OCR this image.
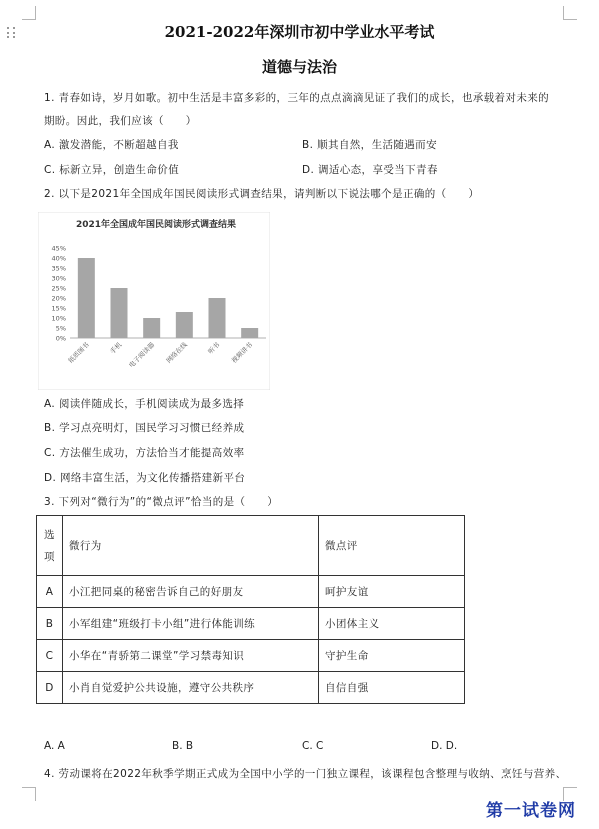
2021-2022年深圳市初中学业水平考试
道德与法治
1. 青春如诗，岁月如歌。初中生活是丰富多彩的，三年的点点滴滴见证了我们的成长，也承载着对未来的
期盼。因此，我们应该（　　）
A. 激发潜能，不断超越自我	B. 顺其自然，生活随遇而安
C. 标新立异，创造生命价值	D. 调适心态，享受当下青春
2. 以下是2021年全国成年国民阅读形式调查结果，请判断以下说法哪个是正确的（　　）
2021年全国成年国民阅读形式调查结果
0%
5%
10%
15%
20%
25%
30%
35%
40%
45%
纸质图书	手机 电子阅读器 网络在线	听书 视频讲书
A. 阅读伴随成长，手机阅读成为最多选择
B. 学习点亮明灯，国民学习习惯已经养成
C. 方法催生成功，方法恰当才能提高效率
D. 网络丰富生活，为文化传播搭建新平台
3. 下列对“微行为”的“微点评”恰当的是（　　）
选
项	微行为	微点评
A	小江把同桌的秘密告诉自己的好朋友	呵护友谊
B	小军组建“班级打卡小组”进行体能训练	小团体主义
C	小华在“青骄第二课堂”学习禁毒知识	守护生命
D	小肖自觉爱护公共设施，遵守公共秩序	自信自强
A. A	B. B	C. C	D. D.
4. 劳动课将在2022年秋季学期正式成为全国中小学的一门独立课程，该课程包含整理与收纳、烹饪与营养、
第一试卷网
